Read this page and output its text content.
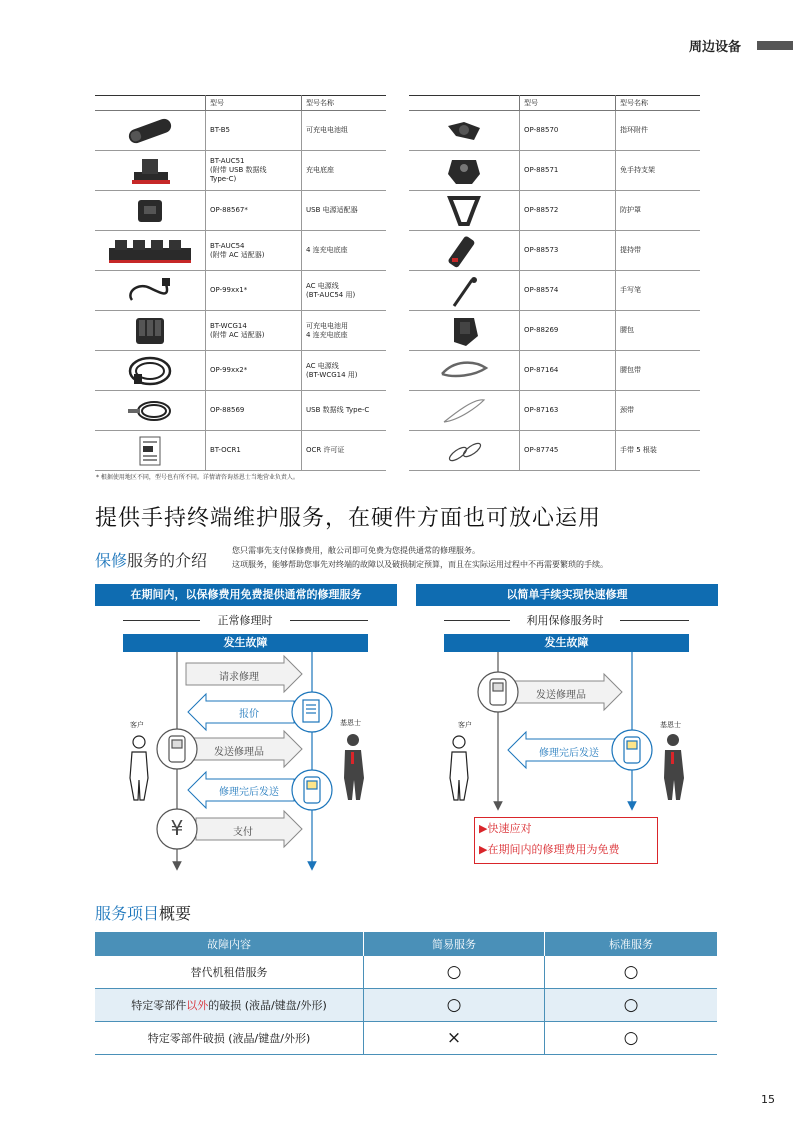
周边设备
	型号	型号名称

	BT-B5	可充电电池组

	BT-AUC51
(附带 USB 数据线
Type-C)	充电底座

	OP-88567*	USB 电源适配器

	BT-AUC54
(附带 AC 适配器)	4 连充电底座

	OP-99xx1*	AC 电源线
(BT-AUC54 用)

	BT-WCG14
(附带 AC 适配器)	可充电电池用
4 连充电底座

	OP-99xx2*	AC 电源线
(BT-WCG14 用)

	OP-88569	USB 数据线 Type-C

	BT-OCR1	OCR 许可证
	型号	型号名称

	OP-88570	指环附件

	OP-88571	免手持支架

	OP-88572	防护罩

	OP-88573	提持带

	OP-88574	手写笔

	OP-88269	腰包

	OP-87164	腰包带

	OP-87163	颈带

	OP-87745	手带 5 根装
* 根据使用地区不同，型号也有所不同。详情请咨询基恩士当地营业负责人。
提供手持终端维护服务，在硬件方面也可放心运用
保修服务的介绍
您只需事先支付保修费用，敝公司即可免费为您提供通常的修理服务。
这项服务，能够帮助您事先对终端的故障以及破损制定预算，而且在实际运用过程中不再需要繁琐的手续。
在期间内，以保修费用免费提供通常的修理服务	以简单手续实现快速修理
正常修理时	利用保修服务时
发生故障	发生故障
客户	基恩士	客户	基恩士
请求修理
报价
发送修理品
修理完后发送
支付
¥
发送修理品
修理完后发送
▶快速应对
▶在期间内的修理费用为免费
服务项目概要
故障内容	简易服务	标准服务
替代机租借服务	○	○
特定零部件以外的破损 (液晶/键盘/外形)	○	○
特定零部件破损 (液晶/键盘/外形)	×	○
15
